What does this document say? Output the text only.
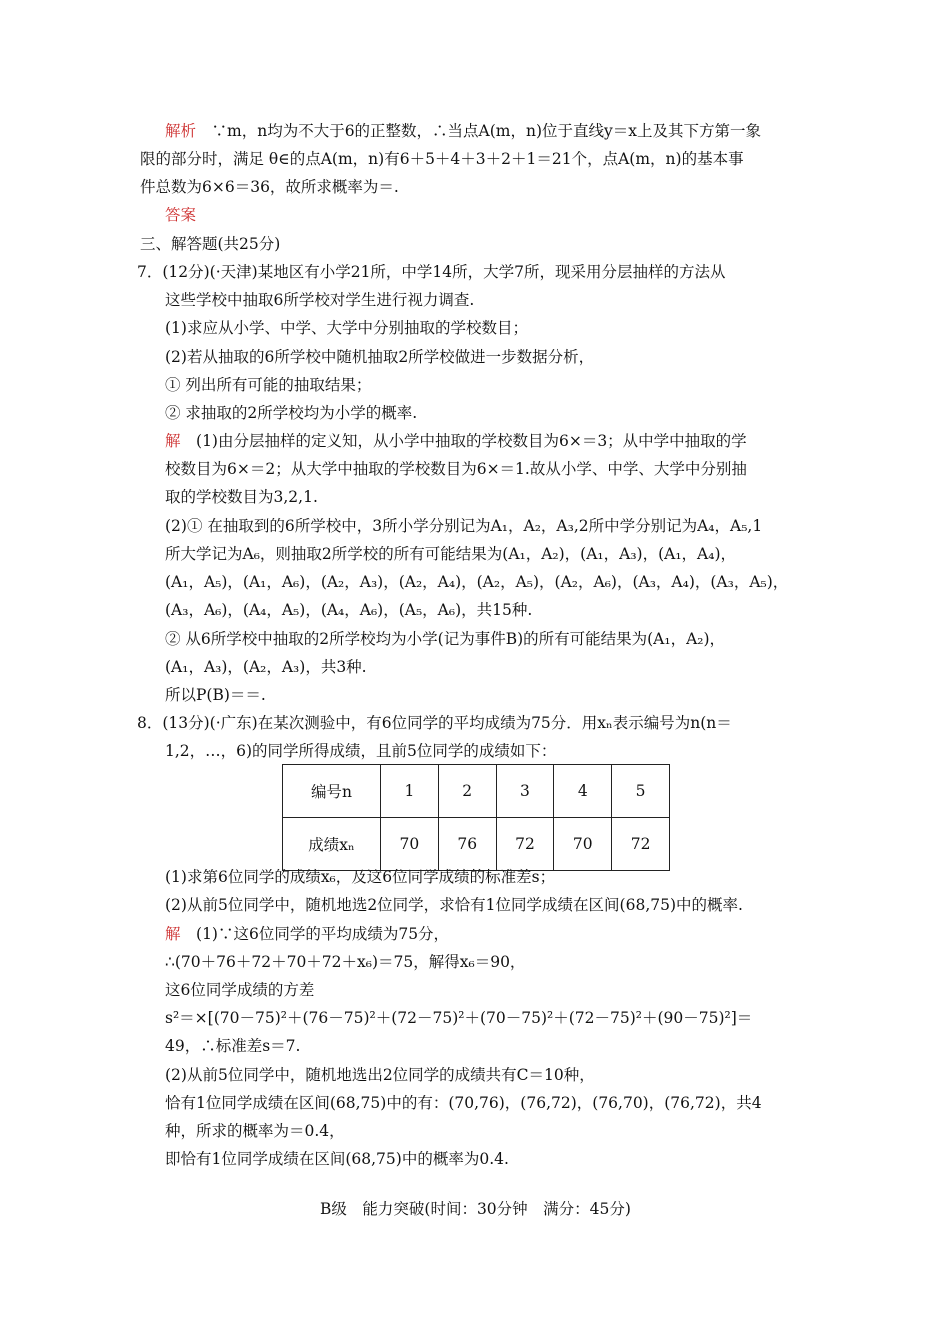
解析　∵m，n均为不大于6的正整数，∴当点A(m，n)位于直线y＝x上及其下方第一象
限的部分时，满足 θ∈的点A(m，n)有6＋5＋4＋3＋2＋1＝21个，点A(m，n)的基本事
件总数为6×6＝36，故所求概率为＝.
答案
三、解答题(共25分)
7．(12分)(·天津)某地区有小学21所，中学14所，大学7所，现采用分层抽样的方法从
这些学校中抽取6所学校对学生进行视力调查.
(1)求应从小学、中学、大学中分别抽取的学校数目；
(2)若从抽取的6所学校中随机抽取2所学校做进一步数据分析，
① 列出所有可能的抽取结果；
② 求抽取的2所学校均为小学的概率.
解　(1)由分层抽样的定义知，从小学中抽取的学校数目为6×＝3；从中学中抽取的学
校数目为6×＝2；从大学中抽取的学校数目为6×＝1.故从小学、中学、大学中分别抽
取的学校数目为3,2,1.
(2)① 在抽取到的6所学校中，3所小学分别记为A₁，A₂，A₃,2所中学分别记为A₄，A₅,1
所大学记为A₆，则抽取2所学校的所有可能结果为(A₁，A₂)，(A₁，A₃)，(A₁，A₄)，
(A₁，A₅)，(A₁，A₆)，(A₂，A₃)，(A₂，A₄)，(A₂，A₅)，(A₂，A₆)，(A₃，A₄)，(A₃，A₅)，
(A₃，A₆)，(A₄，A₅)，(A₄，A₆)，(A₅，A₆)，共15种.
② 从6所学校中抽取的2所学校均为小学(记为事件B)的所有可能结果为(A₁，A₂)，
(A₁，A₃)，(A₂，A₃)，共3种.
所以P(B)＝＝.
8．(13分)(·广东)在某次测验中，有6位同学的平均成绩为75分．用xₙ表示编号为n(n＝
1,2，…，6)的同学所得成绩，且前5位同学的成绩如下：
(1)求第6位同学的成绩x₆，及这6位同学成绩的标准差s；
(2)从前5位同学中，随机地选2位同学，求恰有1位同学成绩在区间(68,75)中的概率.
解　(1)∵这6位同学的平均成绩为75分，
∴(70＋76＋72＋70＋72＋x₆)＝75，解得x₆＝90，
这6位同学成绩的方差
s²＝×[(70－75)²＋(76－75)²＋(72－75)²＋(70－75)²＋(72－75)²＋(90－75)²]＝
49，∴标准差s＝7.
(2)从前5位同学中，随机地选出2位同学的成绩共有C＝10种，
恰有1位同学成绩在区间(68,75)中的有：(70,76)，(76,72)，(76,70)，(76,72)，共4
种，所求的概率为＝0.4，
即恰有1位同学成绩在区间(68,75)中的概率为0.4.
B级　能力突破(时间：30分钟　满分：45分)
编号n	1	2	3	4	5
成绩xₙ	70	76	72	70	72
